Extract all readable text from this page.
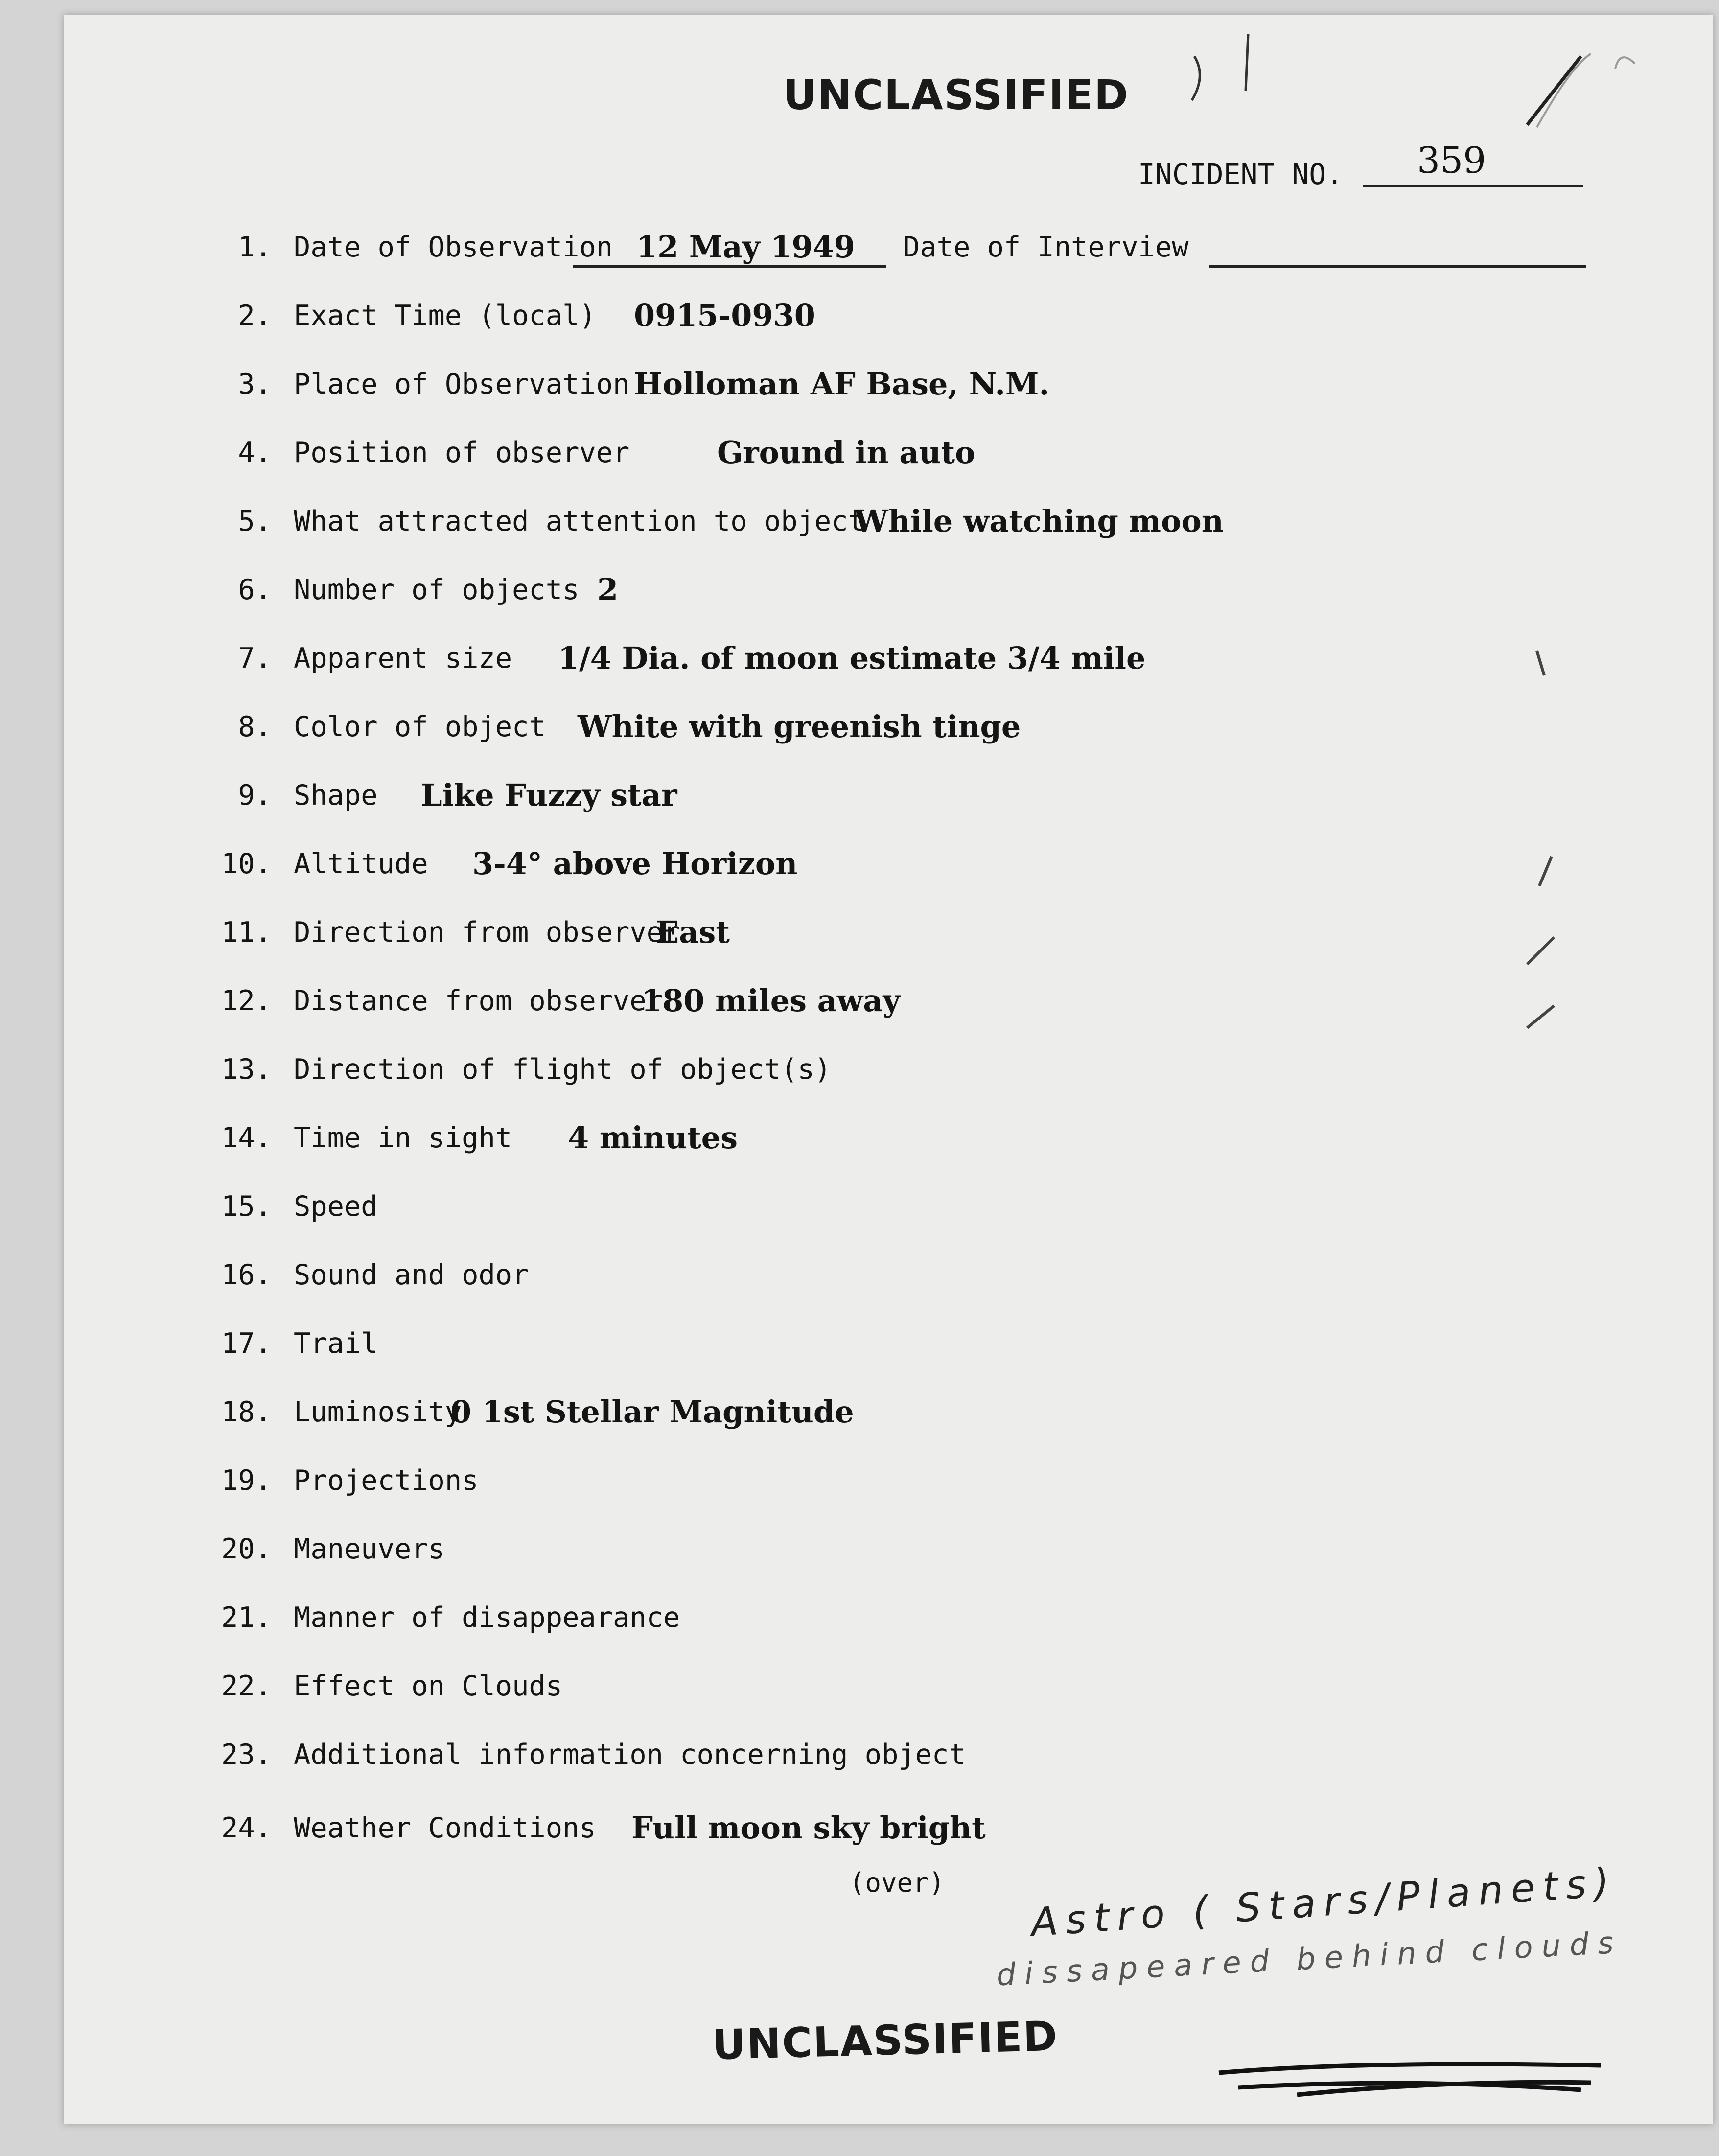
UNCLASSIFIED
INCIDENT NO.	359
1. Date of Observation 12 May 1949 Date of Interview
2. Exact Time (local) 0915-0930
3. Place of Observation Holloman AF Base, N.M.
4. Position of observer	Ground in auto
5. What attracted attention to object
While watching moon
6. Number of objects 2
7. Apparent size 1/4 Dia. of moon estimate 3/4 mile
8. Color of object White with greenish tinge
9. Shape Like Fuzzy star
10. Altitude 3-4° above Horizon
11. Direction from observer
East
12. Distance from observer
180 miles away
13. Direction of flight of object(s)
14. Time in sight 4 minutes
15. Speed
16. Sound and odor
17. Trail
18. Luminosity
0 1st Stellar Magnitude
19. Projections
20. Maneuvers
21. Manner of disappearance
22. Effect on Clouds
23. Additional information concerning object
24. Weather Conditions Full moon sky bright
(over) Astro ( Stars/Planets)
dissapeared behind clouds
UNCLASSIFIED
